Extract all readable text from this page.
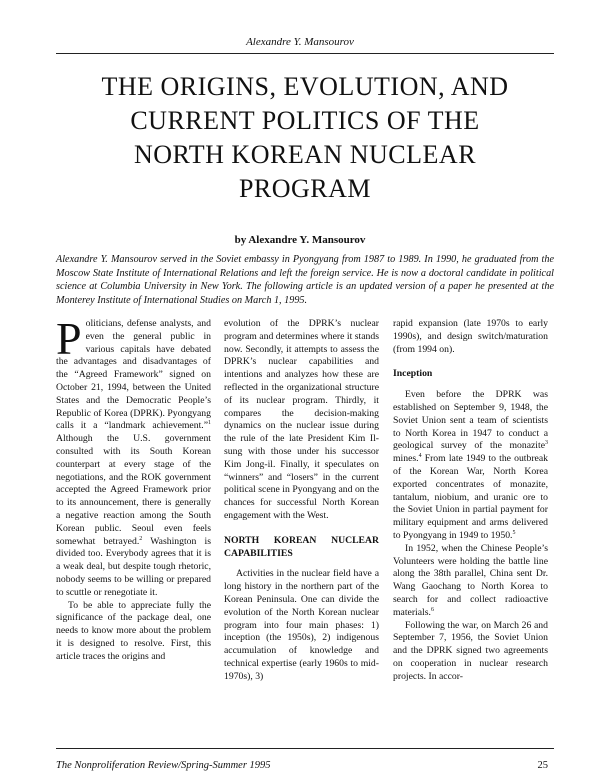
Alexandre Y. Mansourov
THE ORIGINS, EVOLUTION, AND
CURRENT POLITICS OF THE
NORTH KOREAN NUCLEAR
PROGRAM
by Alexandre Y. Mansourov

Alexandre Y. Mansourov served in the Soviet embassy in Pyongyang from 1987 to 1989. In 1990, he graduated from the Moscow State Institute of International Relations and left the foreign service. He is now a doctoral candidate in political science at Columbia University in New York. The following article is an updated version of a paper he presented at the Monterey Institute of International Studies on March 1, 1995.

Politicians, defense analysts, and even the general public in various capitals have debated the advantages and disadvantages of the “Agreed Framework” signed on October 21, 1994, between the United States and the Democratic People’s Republic of Korea (DPRK). Pyongyang calls it a “landmark achievement.”$^1$ Although the U.S. government consulted with its South Korean counterpart at every stage of the negotiations, and the ROK government accepted the Agreed Framework prior to its announcement, there is generally a negative reaction among the South Korean public. Seoul even feels somewhat betrayed.$^2$ Washington is divided too. Everybody agrees that it is a weak deal, but despite tough rhetoric, nobody seems to be willing or prepared to scuttle or renegotiate it.

To be able to appreciate fully the significance of the package deal, one needs to know more about the problem it is designed to resolve. First, this article traces the origins and

evolution of the DPRK’s nuclear program and determines where it stands now. Secondly, it attempts to assess the DPRK’s nuclear capabilities and intentions and analyzes how these are reflected in the organizational structure of its nuclear program. Thirdly, it compares the decision-making dynamics on the nuclear issue during the rule of the late President Kim Il-sung with those under his successor Kim Jong-il. Finally, it speculates on “winners” and “losers” in the current political scene in Pyongyang and on the chances for successful North Korean engagement with the West.

NORTH KOREAN NUCLEAR CAPABILITIES

Activities in the nuclear field have a long history in the northern part of the Korean Peninsula. One can divide the evolution of the North Korean nuclear program into four main phases: 1) inception (the 1950s), 2) indigenous accumulation of knowledge and technical expertise (early 1960s to mid-1970s), 3)

rapid expansion (late 1970s to early 1990s), and design switch/maturation (from 1994 on).

Inception

Even before the DPRK was established on September 9, 1948, the Soviet Union sent a team of scientists to North Korea in 1947 to conduct a geological survey of the monazite$^3$ mines.$^4$ From late 1949 to the outbreak of the Korean War, North Korea exported concentrates of monazite, tantalum, niobium, and uranic ore to the Soviet Union in partial payment for military equipment and arms delivered to Pyongyang in 1949 to 1950.$^5$

In 1952, when the Chinese People’s Volunteers were holding the battle line along the 38th parallel, China sent Dr. Wang Gaochang to North Korea to search for and collect radioactive materials.$^6$

Following the war, on March 26 and September 7, 1956, the Soviet Union and the DPRK signed two agreements on cooperation in nuclear research projects. In accor-

The Nonproliferation Review/Spring-Summer 1995	25
